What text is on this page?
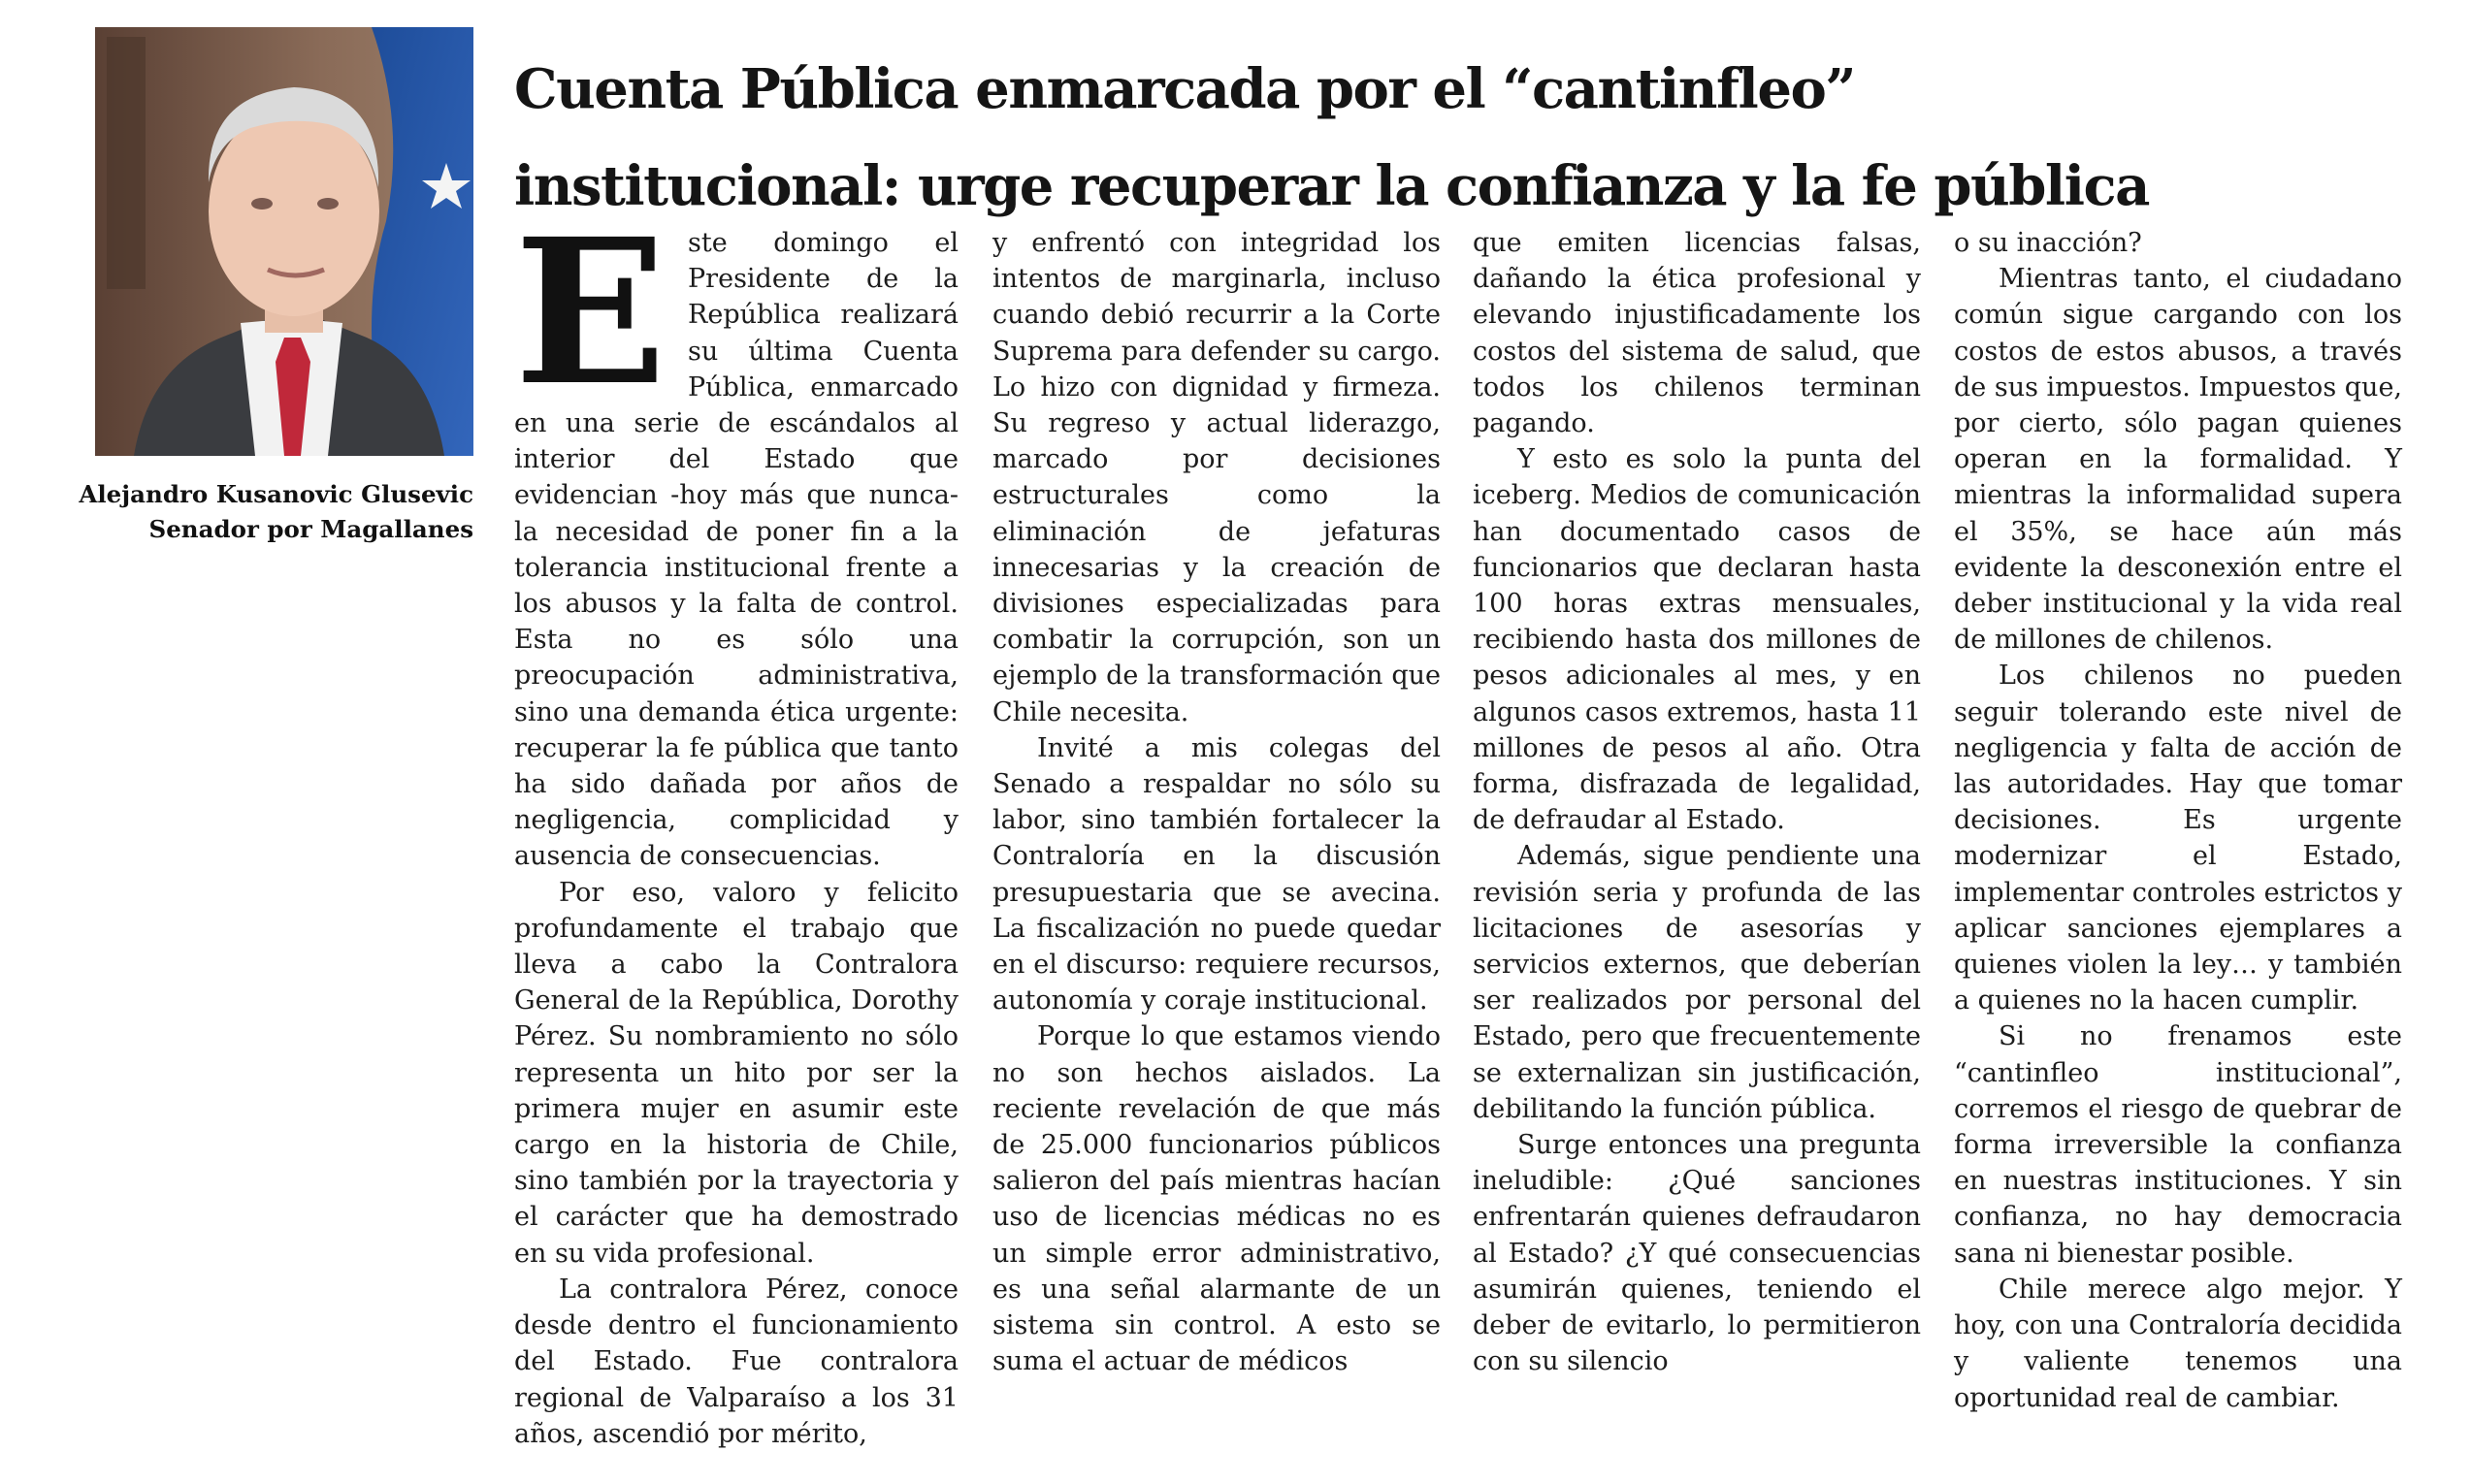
Alejandro Kusanovic Glusevic
Senador por Magallanes
Cuenta Pública enmarcada por el “cantinfleo”
institucional: urge recuperar la confianza y la fe pública
E ste domingo el Presidente de la República realizará su última Cuenta Pública, enmarcado en una serie de escándalos al interior del Estado que evidencian -hoy más que nunca- la necesidad de poner fin a la tolerancia institucional frente a los abusos y la falta de control. Esta no es sólo una preocupación administrativa, sino una demanda ética urgente: recuperar la fe pública que tanto ha sido dañada por años de negligencia, complicidad y ausencia de consecuencias.

Por eso, valoro y felicito profundamente el trabajo que lleva a cabo la Contralora General de la República, Dorothy Pérez. Su nombramiento no sólo representa un hito por ser la primera mujer en asumir este cargo en la historia de Chile, sino también por la trayectoria y el carácter que ha demostrado en su vida profesional.

La contralora Pérez, conoce desde dentro el funcionamiento del Estado. Fue contralora regional de Valparaíso a los 31 años, ascendió por mérito,

y enfrentó con integridad los intentos de marginarla, incluso cuando debió recurrir a la Corte Suprema para defender su cargo. Lo hizo con dignidad y firmeza. Su regreso y actual liderazgo, marcado por decisiones estructurales como la eliminación de jefaturas innecesarias y la creación de divisiones especializadas para combatir la corrupción, son un ejemplo de la transformación que Chile necesita.

Invité a mis colegas del Senado a respaldar no sólo su labor, sino también fortalecer la Contraloría en la discusión presupuestaria que se avecina. La fiscalización no puede quedar en el discurso: requiere recursos, autonomía y coraje institucional.

Porque lo que estamos viendo no son hechos aislados. La reciente revelación de que más de 25.000 funcionarios públicos salieron del país mientras hacían uso de licencias médicas no es un simple error administrativo, es una señal alarmante de un sistema sin control. A esto se suma el actuar de médicos

que emiten licencias falsas, dañando la ética profesional y elevando injustificadamente los costos del sistema de salud, que todos los chilenos terminan pagando.

Y esto es solo la punta del iceberg. Medios de comunicación han documentado casos de funcionarios que declaran hasta 100 horas extras mensuales, recibiendo hasta dos millones de pesos adicionales al mes, y en algunos casos extremos, hasta 11 millones de pesos al año. Otra forma, disfrazada de legalidad, de defraudar al Estado.

Además, sigue pendiente una revisión seria y profunda de las licitaciones de asesorías y servicios externos, que deberían ser realizados por personal del Estado, pero que frecuentemente se externalizan sin justificación, debilitando la función pública.

Surge entonces una pregunta ineludible: ¿Qué sanciones enfrentarán quienes defraudaron al Estado? ¿Y qué consecuencias asumirán quienes, teniendo el deber de evitarlo, lo permitieron con su silencio

o su inacción?

Mientras tanto, el ciudadano común sigue cargando con los costos de estos abusos, a través de sus impuestos. Impuestos que, por cierto, sólo pagan quienes operan en la formalidad. Y mientras la informalidad supera el 35%, se hace aún más evidente la desconexión entre el deber institucional y la vida real de millones de chilenos.

Los chilenos no pueden seguir tolerando este nivel de negligencia y falta de acción de las autoridades. Hay que tomar decisiones. Es urgente modernizar el Estado, implementar controles estrictos y aplicar sanciones ejemplares a quienes violen la ley… y también a quienes no la hacen cumplir.

Si no frenamos este “cantinfleo institucional”, corremos el riesgo de quebrar de forma irreversible la confianza en nuestras instituciones. Y sin confianza, no hay democracia sana ni bienestar posible.

Chile merece algo mejor. Y hoy, con una Contraloría decidida y valiente tenemos una oportunidad real de cambiar.
